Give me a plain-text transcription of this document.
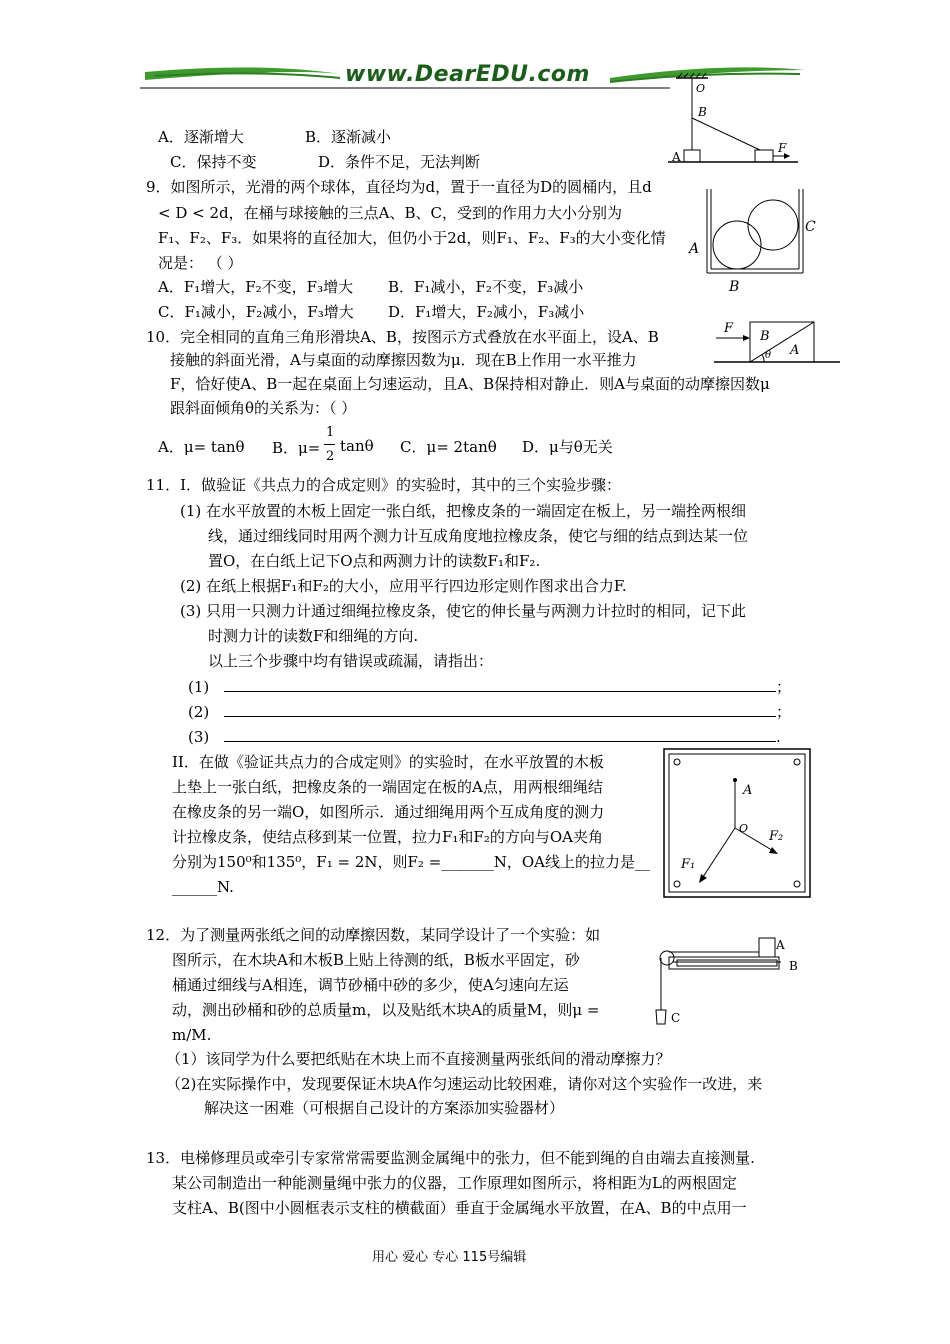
www.DearEDU.com
A．逐渐增大	B．逐渐减小
C．保持不变	D．条件不足，无法判断
O
B
A
F
9．如图所示，光滑的两个球体，直径均为d，置于一直径为D的圆桶内，且d
< D < 2d，在桶与球接触的三点A、B、C，受到的作用力大小分别为
F₁、F₂、F₃．如果将的直径加大，但仍小于2d，则F₁、F₂、F₃的大小变化情
况是： （ ）
A．F₁增大，F₂不变，F₃增大 B．F₁减小，F₂不变，F₃减小
C．F₁减小，F₂减小，F₃增大 D．F₁增大，F₂减小，F₃减小
A
C
B
10．完全相同的直角三角形滑块A、B，按图示方式叠放在水平面上，设A、B
接触的斜面光滑，A与桌面的动摩擦因数为μ．现在B上作用一水平推力
F，恰好使A、B一起在桌面上匀速运动，且A、B保持相对静止．则A与桌面的动摩擦因数μ
跟斜面倾角θ的关系为：（ ）
F
B
A
θ
A．μ= tanθ B．μ=
1
2
tanθ C．μ= 2tanθ D．μ与θ无关
11．I．做验证《共点力的合成定则》的实验时，其中的三个实验步骤：
(1) 在水平放置的木板上固定一张白纸，把橡皮条的一端固定在板上，另一端拴两根细
线，通过细线同时用两个测力计互成角度地拉橡皮条，使它与细的结点到达某一位
置O，在白纸上记下O点和两测力计的读数F₁和F₂.
(2) 在纸上根据F₁和F₂的大小，应用平行四边形定则作图求出合力F.
(3) 只用一只测力计通过细绳拉橡皮条，使它的伸长量与两测力计拉时的相同，记下此
时测力计的读数F和细绳的方向.
以上三个步骤中均有错误或疏漏，请指出：
(1)	；
(2)	；
(3)	.
II．在做《验证共点力的合成定则》的实验时，在水平放置的木板
上垫上一张白纸，把橡皮条的一端固定在板的A点，用两根细绳结
在橡皮条的另一端O，如图所示．通过细绳用两个互成角度的测力
计拉橡皮条，使结点移到某一位置，拉力F₁和F₂的方向与OA夹角
分别为150⁰和135⁰，F₁ = 2N，则F₂ =_______N，OA线上的拉力是__
______N.
A
O
F₁
F₂
12．为了测量两张纸之间的动摩擦因数，某同学设计了一个实验：如
图所示，在木块A和木板B上贴上待测的纸，B板水平固定，砂
桶通过细线与A相连，调节砂桶中砂的多少，使A匀速向左运
动，测出砂桶和砂的总质量m，以及贴纸木块A的质量M，则μ =
m/M.
（1）该同学为什么要把纸贴在木块上而不直接测量两张纸间的滑动摩擦力？
（2)在实际操作中，发现要保证木块A作匀速运动比较困难，请你对这个实验作一改进，来
解决这一困难（可根据自己设计的方案添加实验器材）
A
B
C
13．电梯修理员或牵引专家常常需要监测金属绳中的张力，但不能到绳的自由端去直接测量.
某公司制造出一种能测量绳中张力的仪器，工作原理如图所示，将相距为L的两根固定
支柱A、B(图中小圆框表示支柱的横截面）垂直于金属绳水平放置，在A、B的中点用一
用心 爱心 专心 115号编辑
